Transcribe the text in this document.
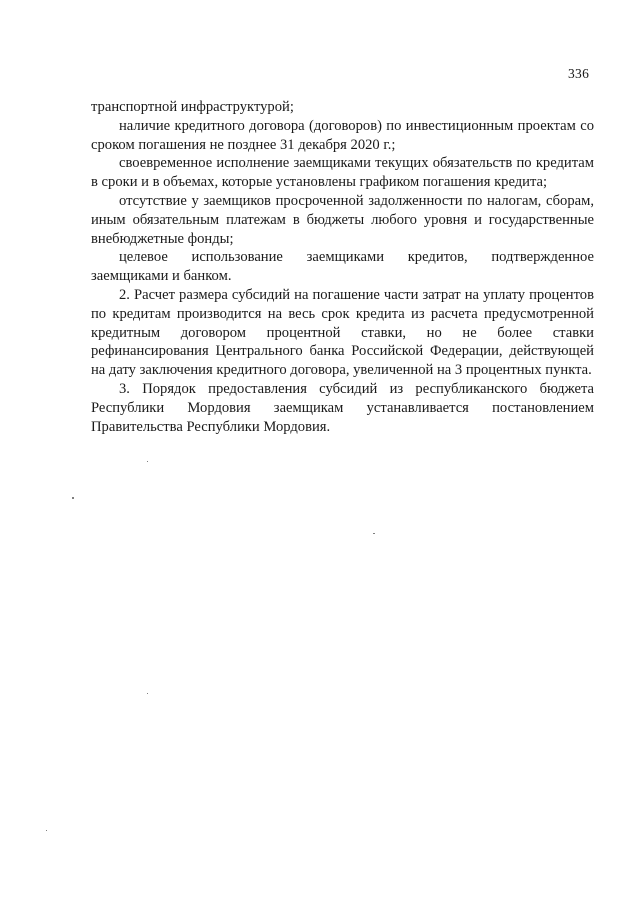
336

транспортной инфраструктурой;

наличие кредитного договора (договоров) по инвестиционным проектам со сроком погашения не позднее 31 декабря 2020 г.;

своевременное исполнение заемщиками текущих обязательств по кредитам в сроки и в объемах, которые установлены графиком погашения кредита;

отсутствие у заемщиков просроченной задолженности по налогам, сборам, иным обязательным платежам в бюджеты любого уровня и государственные внебюджетные фонды;

целевое использование заемщиками кредитов, подтвержденное заемщиками и банком.

2. Расчет размера субсидий на погашение части затрат на уплату процентов по кредитам производится на весь срок кредита из расчета предусмотренной кредитным договором процентной ставки, но не более ставки рефинансирования Центрального банка Российской Федерации, действующей на дату заключения кредитного договора, увеличенной на 3 процентных пункта.

3. Порядок предоставления субсидий из республиканского бюджета Республики Мордовия заемщикам устанавливается постановлением Правительства Республики Мордовия.
